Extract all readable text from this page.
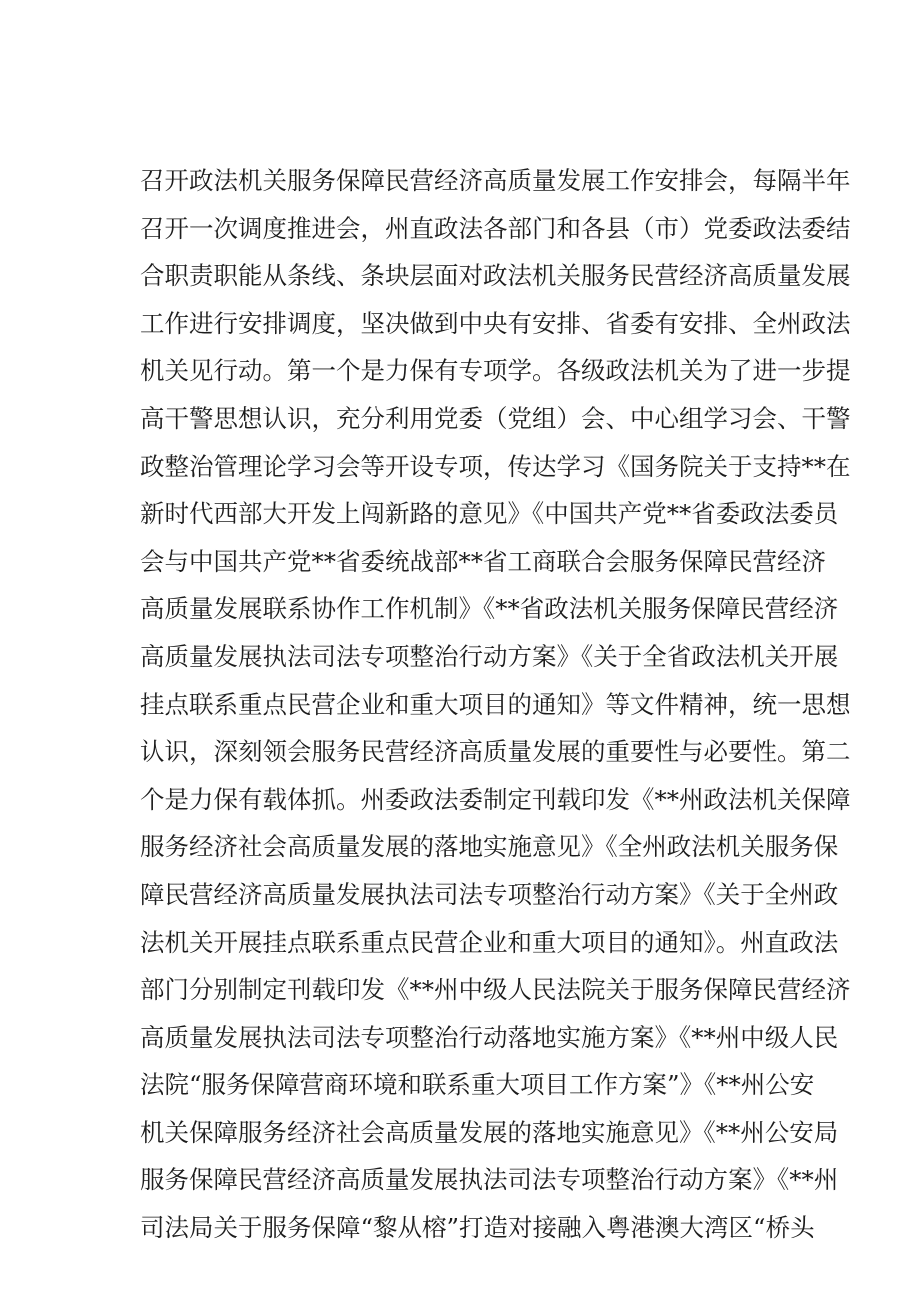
召开政法机关服务保障民营经济高质量发展工作安排会，每隔半年
召开一次调度推进会，州直政法各部门和各县（市）党委政法委结
合职责职能从条线、条块层面对政法机关服务民营经济高质量发展
工作进行安排调度，坚决做到中央有安排、省委有安排、全州政法
机关见行动。第一个是力保有专项学。各级政法机关为了进一步提
高干警思想认识，充分利用党委（党组）会、中心组学习会、干警
政整治管理论学习会等开设专项，传达学习《国务院关于支持**在
新时代西部大开发上闯新路的意见》《中国共产党**省委政法委员
会与中国共产党**省委统战部**省工商联合会服务保障民营经济
高质量发展联系协作工作机制》《**省政法机关服务保障民营经济
高质量发展执法司法专项整治行动方案》《关于全省政法机关开展
挂点联系重点民营企业和重大项目的通知》等文件精神，统一思想
认识，深刻领会服务民营经济高质量发展的重要性与必要性。第二
个是力保有载体抓。州委政法委制定刊载印发《**州政法机关保障
服务经济社会高质量发展的落地实施意见》《全州政法机关服务保
障民营经济高质量发展执法司法专项整治行动方案》《关于全州政
法机关开展挂点联系重点民营企业和重大项目的通知》。州直政法
部门分别制定刊载印发《**州中级人民法院关于服务保障民营经济
高质量发展执法司法专项整治行动落地实施方案》《**州中级人民
法院“服务保障营商环境和联系重大项目工作方案”》《**州公安
机关保障服务经济社会高质量发展的落地实施意见》《**州公安局
服务保障民营经济高质量发展执法司法专项整治行动方案》《**州
司法局关于服务保障“黎从榕”打造对接融入粤港澳大湾区“桥头
